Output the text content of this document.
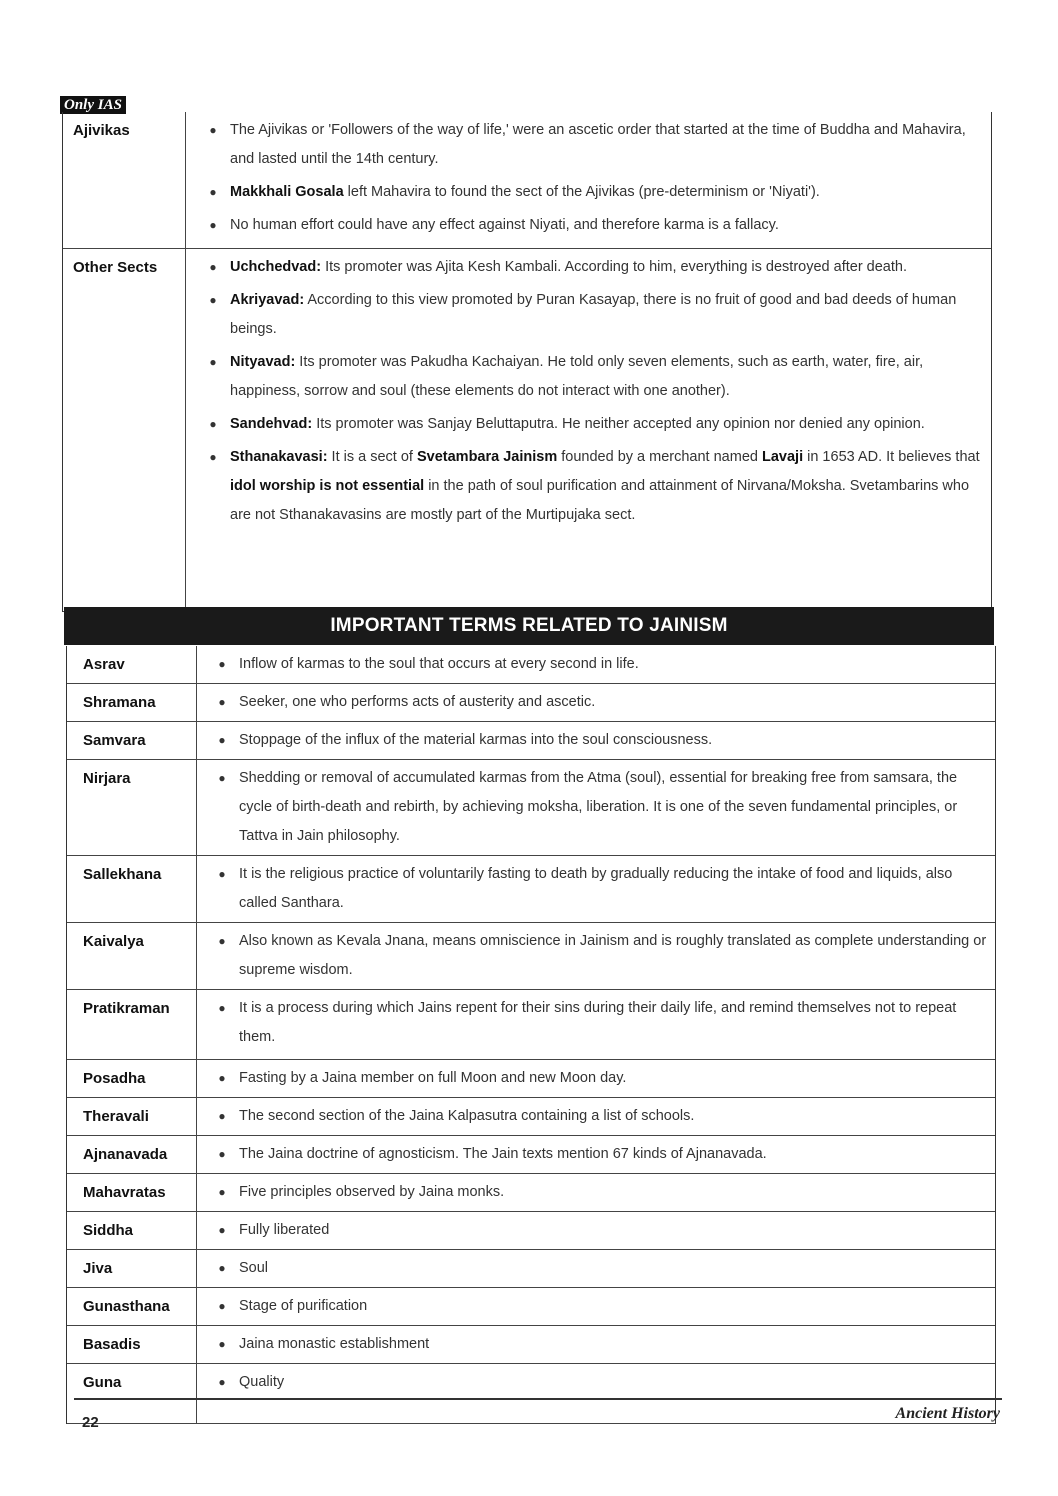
Only IAS
Ajivikas	● The Ajivikas or 'Followers of the way of life,' were an ascetic order that started at the time of Buddha and Mahavira, and lasted until the 14th century.
● Makkhali Gosala left Mahavira to found the sect of the Ajivikas (pre-determinism or 'Niyati').
● No human effort could have any effect against Niyati, and therefore karma is a fallacy.
Other Sects	● Uchchedvad: Its promoter was Ajita Kesh Kambali. According to him, everything is destroyed after death.
● Akriyavad: According to this view promoted by Puran Kasayap, there is no fruit of good and bad deeds of human beings.
● Nityavad: Its promoter was Pakudha Kachaiyan. He told only seven elements, such as earth, water, fire, air, happiness, sorrow and soul (these elements do not interact with one another).
● Sandehvad: Its promoter was Sanjay Beluttaputra. He neither accepted any opinion nor denied any opinion.
● Sthanakavasi: It is a sect of Svetambara Jainism founded by a merchant named Lavaji in 1653 AD. It believes that idol worship is not essential in the path of soul purification and attainment of Nirvana/Moksha. Svetambarins who are not Sthanakavasins are mostly part of the Murtipujaka sect.
IMPORTANT TERMS RELATED TO JAINISM
Asrav	● Inflow of karmas to the soul that occurs at every second in life.
Shramana	● Seeker, one who performs acts of austerity and ascetic.
Samvara	● Stoppage of the influx of the material karmas into the soul consciousness.
Nirjara	● Shedding or removal of accumulated karmas from the Atma (soul), essential for breaking free from samsara, the cycle of birth-death and rebirth, by achieving moksha, liberation. It is one of the seven fundamental principles, or Tattva in Jain philosophy.
Sallekhana	● It is the religious practice of voluntarily fasting to death by gradually reducing the intake of food and liquids, also called Santhara.
Kaivalya	● Also known as Kevala Jnana, means omniscience in Jainism and is roughly translated as complete understanding or supreme wisdom.
Pratikraman	● It is a process during which Jains repent for their sins during their daily life, and remind themselves not to repeat them.
Posadha	● Fasting by a Jaina member on full Moon and new Moon day.
Theravali	● The second section of the Jaina Kalpasutra containing a list of schools.
Ajnanavada	● The Jaina doctrine of agnosticism. The Jain texts mention 67 kinds of Ajnanavada.
Mahavratas	● Five principles observed by Jaina monks.
Siddha	● Fully liberated
Jiva	● Soul
Gunasthana	● Stage of purification
Basadis	● Jaina monastic establishment
Guna	● Quality
22
Ancient History
